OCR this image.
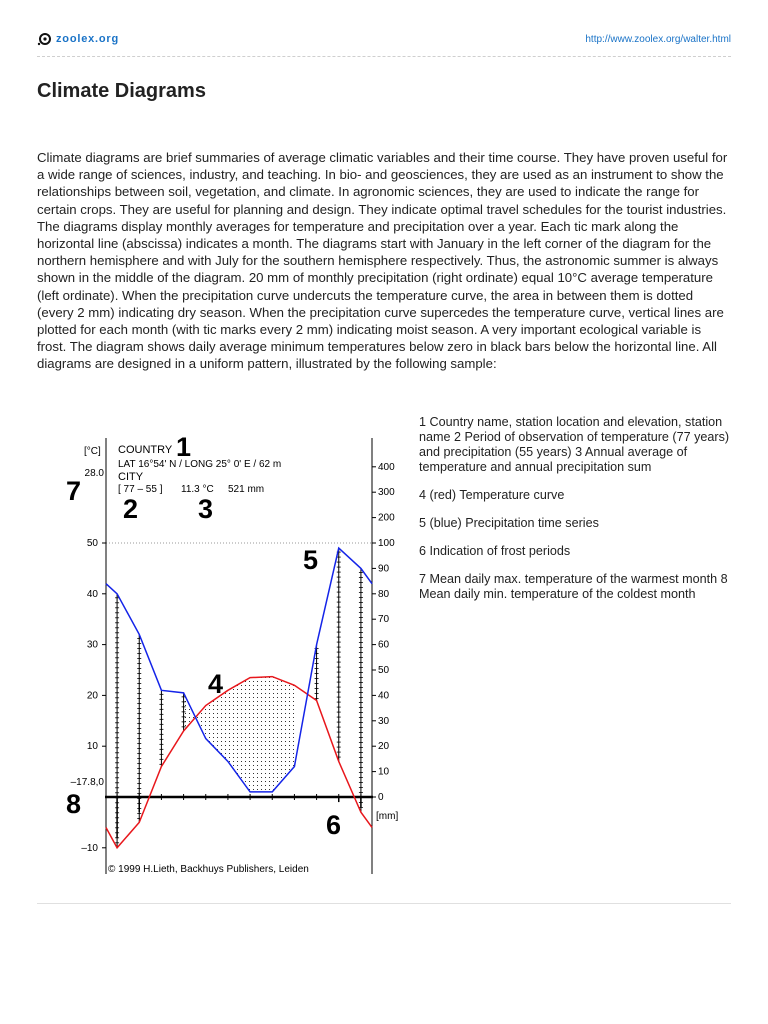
zoolex.org	http://www.zoolex.org/walter.html
Climate Diagrams

Climate diagrams are brief summaries of average climatic variables and their time course. They have proven useful for a wide range of sciences, industry, and teaching. In bio- and geosciences, they are used as an instrument to show the relationships between soil, vegetation, and climate. In agronomic sciences, they are used to indicate the range for certain crops. They are useful for planning and design. They indicate optimal travel schedules for the tourist industries. The diagrams display monthly averages for temperature and precipitation over a year. Each tic mark along the horizontal line (abscissa) indicates a month. The diagrams start with January in the left corner of the diagram for the northern hemisphere and with July for the southern hemisphere respectively. Thus, the astronomic summer is always shown in the middle of the diagram. 20 mm of monthly precipitation (right ordinate) equal 10°C average temperature (left ordinate). When the precipitation curve undercuts the temperature curve, the area in between them is dotted (every 2 mm) indicating dry season. When the precipitation curve supercedes the temperature curve, vertical lines are plotted for each month (with tic marks every 2 mm) indicating moist season. A very important ecological variable is frost. The diagram shows daily average minimum temperatures below zero in black bars below the horizontal line. All diagrams are designed in a uniform pattern, illustrated by the following sample:

50
40
30
20
10
–10
400
300
200
100
90
80
70
60
50
40
30
20
10
0
[°C] COUNTRY
LAT 16°54' N / LONG 25° 0' E / 62 m
CITY
[ 77 – 55 ] 11.3 °C 521 mm
28.0
–17.8,0
[mm]
© 1999 H.Lieth, Backhuys Publishers, Leiden
1
2 3
4
5
6
7
8

1 Country name, station location and elevation, station name 2 Period of observation of temperature (77 years) and precipitation (55 years) 3 Annual average of temperature and annual precipitation sum

4 (red) Temperature curve

5 (blue) Precipitation time series

6 Indication of frost periods

7 Mean daily max. temperature of the warmest month 8 Mean daily min. temperature of the coldest month
